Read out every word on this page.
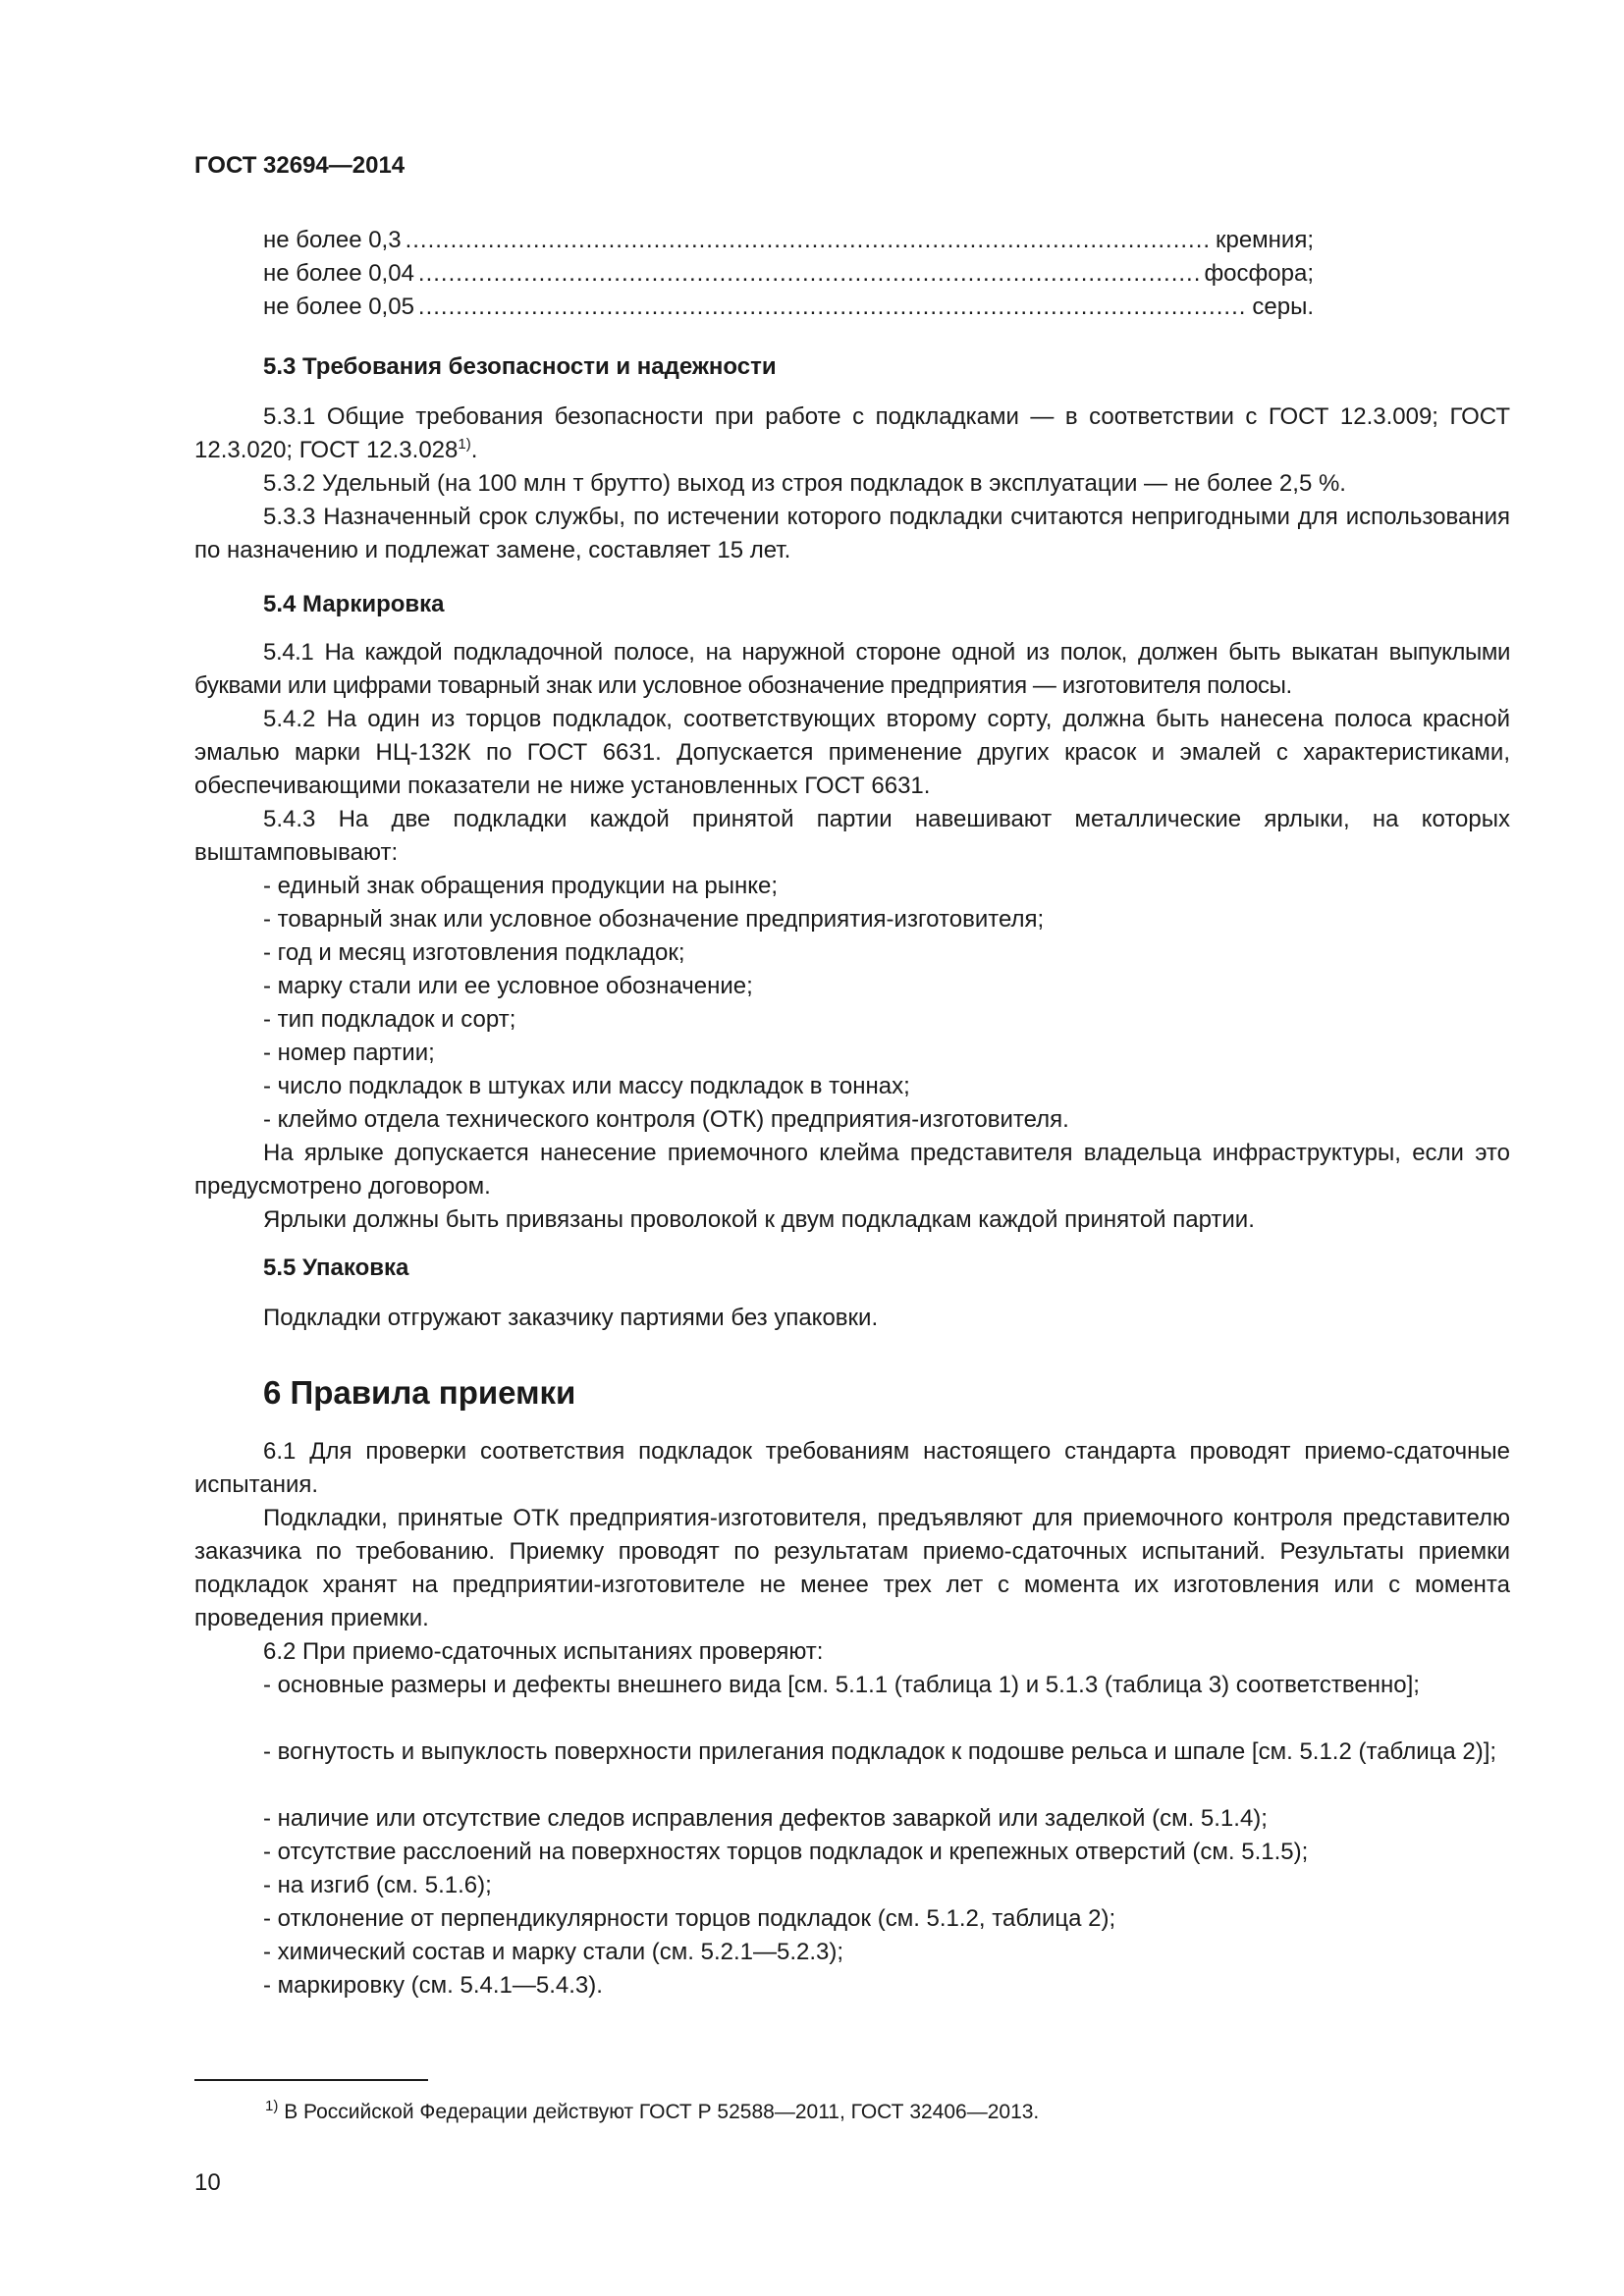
ГОСТ 32694—2014
не более 0,3 .....	кремния;
не более 0,04 .....	фосфора;
не более 0,05 .....	серы.
5.3 Требования безопасности и надежности
5.3.1 Общие требования безопасности при работе с подкладками — в соответствии с ГОСТ 12.3.009; ГОСТ 12.3.020; ГОСТ 12.3.028$^{1)}$.
5.3.2 Удельный (на 100 млн т брутто) выход из строя подкладок в эксплуатации — не более 2,5 %.
5.3.3 Назначенный срок службы, по истечении которого подкладки считаются непригодными для использования по назначению и подлежат замене, составляет 15 лет.
5.4 Маркировка
5.4.1 На каждой подкладочной полосе, на наружной стороне одной из полок, должен быть выкатан выпуклыми буквами или цифрами товарный знак или условное обозначение предприятия — изготовителя полосы.
5.4.2 На один из торцов подкладок, соответствующих второму сорту, должна быть нанесена полоса красной эмалью марки НЦ-132К по ГОСТ 6631. Допускается применение других красок и эмалей с характеристиками, обеспечивающими показатели не ниже установленных ГОСТ 6631.
5.4.3 На две подкладки каждой принятой партии навешивают металлические ярлыки, на которых выштамповывают:
- единый знак обращения продукции на рынке;
- товарный знак или условное обозначение предприятия-изготовителя;
- год и месяц изготовления подкладок;
- марку стали или ее условное обозначение;
- тип подкладок и сорт;
- номер партии;
- число подкладок в штуках или массу подкладок в тоннах;
- клеймо отдела технического контроля (ОТК) предприятия-изготовителя.
На ярлыке допускается нанесение приемочного клейма представителя владельца инфраструктуры, если это предусмотрено договором.
Ярлыки должны быть привязаны проволокой к двум подкладкам каждой принятой партии.
5.5 Упаковка
Подкладки отгружают заказчику партиями без упаковки.
6 Правила приемки
6.1 Для проверки соответствия подкладок требованиям настоящего стандарта проводят приемо-сдаточные испытания.
Подкладки, принятые ОТК предприятия-изготовителя, предъявляют для приемочного контроля представителю заказчика по требованию. Приемку проводят по результатам приемо-сдаточных испытаний. Результаты приемки подкладок хранят на предприятии-изготовителе не менее трех лет с момента их изготовления или с момента проведения приемки.
6.2 При приемо-сдаточных испытаниях проверяют:
- основные размеры и дефекты внешнего вида [см. 5.1.1 (таблица 1) и 5.1.3 (таблица 3) соответственно];
- вогнутость и выпуклость поверхности прилегания подкладок к подошве рельса и шпале [см. 5.1.2 (таблица 2)];
- наличие или отсутствие следов исправления дефектов заваркой или заделкой (см. 5.1.4);
- отсутствие расслоений на поверхностях торцов подкладок и крепежных отверстий (см. 5.1.5);
- на изгиб (см. 5.1.6);
- отклонение от перпендикулярности торцов подкладок (см. 5.1.2, таблица 2);
- химический состав и марку стали (см. 5.2.1—5.2.3);
- маркировку (см. 5.4.1—5.4.3).
$^{1)}$ В Российской Федерации действуют ГОСТ Р 52588—2011, ГОСТ 32406—2013.
10
